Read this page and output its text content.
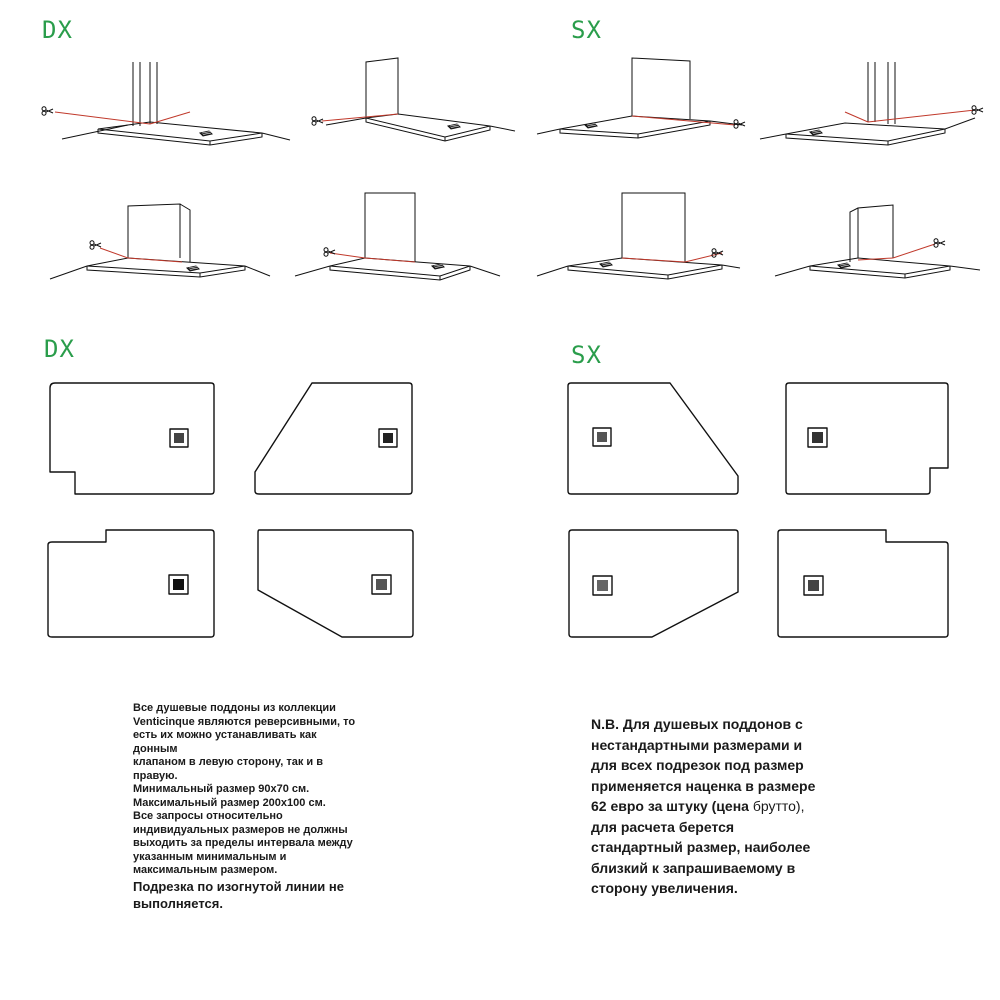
DX	SX
DX	SX

Все душевые поддоны из коллекции

Venticinque являются реверсивными, то

есть их можно устанавливать как

донным

клапаном в левую сторону, так и в

правую.

Минимальный размер 90x70 см.

Максимальный размер 200x100 см.

Все запросы относительно

индивидуальных размеров не должны

выходить за пределы интервала между

указанным минимальным и

максимальным размером.

Подрезка по изогнутой линии не

выполняется.

N.B. Для душевых поддонов с

нестандартными размерами и

для всех подрезок под размер

применяется наценка в размере

62 евро за штуку (цена брутто),

для расчета берется

стандартный размер, наиболее

близкий к запрашиваемому в

сторону увеличения.
